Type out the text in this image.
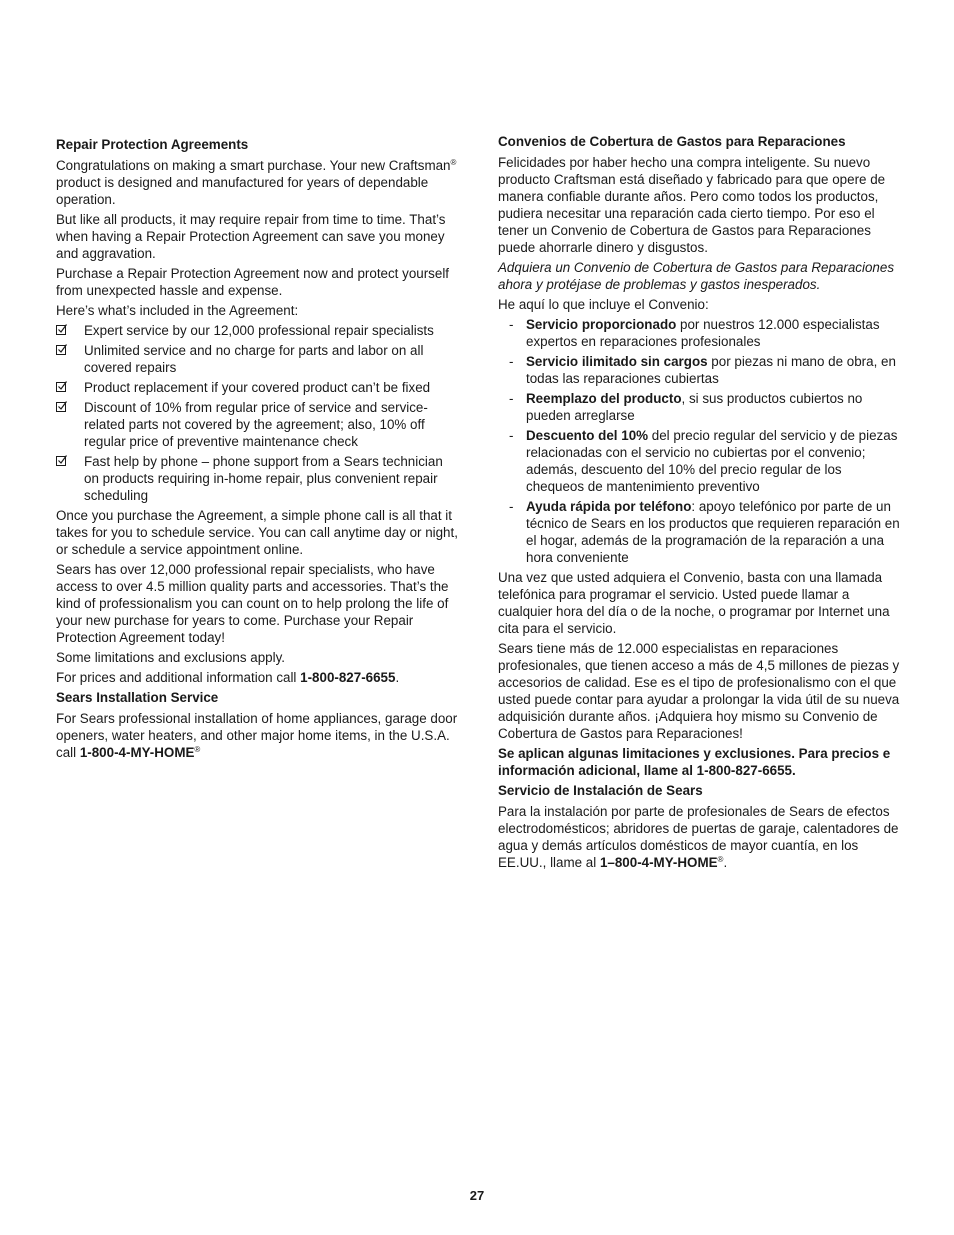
Repair Protection Agreements

Congratulations on making a smart purchase. Your new Craftsman® product is designed and manufactured for years of dependable operation.

But like all products, it may require repair from time to time. That’s when having a Repair Protection Agreement can save you money and aggravation.

Purchase a Repair Protection Agreement now and protect yourself from unexpected hassle and expense.

Here’s what’s included in the Agreement:

Expert service by our 12,000 professional repair specialists
Unlimited service and no charge for parts and labor on all covered repairs
Product replacement if your covered product can’t be fixed
Discount of 10% from regular price of service and service-related parts not covered by the agreement; also, 10% off regular price of preventive maintenance check
Fast help by phone – phone support from a Sears technician on products requiring in-home repair, plus convenient repair scheduling

Once you purchase the Agreement, a simple phone call is all that it takes for you to schedule service. You can call anytime day or night, or schedule a service appointment online.

Sears has over 12,000 professional repair specialists, who have access to over 4.5 million quality parts and accessories. That’s the kind of professionalism you can count on to help prolong the life of your new purchase for years to come. Purchase your Repair Protection Agreement today!

Some limitations and exclusions apply.

For prices and additional information call 1-800-827-6655.

Sears Installation Service

For Sears professional installation of home appliances, garage door openers, water heaters, and other major home items, in the U.S.A. call 1-800-4-MY-HOME®

Convenios de Cobertura de Gastos para Reparaciones

Felicidades por haber hecho una compra inteligente. Su nuevo producto Craftsman está diseñado y fabricado para que opere de manera confiable durante años. Pero como todos los productos, pudiera necesitar una reparación cada cierto tiempo. Por eso el tener un Convenio de Cobertura de Gastos para Reparaciones puede ahorrarle dinero y disgustos.

Adquiera un Convenio de Cobertura de Gastos para Reparaciones ahora y protéjase de problemas y gastos inesperados.

He aquí lo que incluye el Convenio:

- Servicio proporcionado por nuestros 12.000 especialistas expertos en reparaciones profesionales
- Servicio ilimitado sin cargos por piezas ni mano de obra, en todas las reparaciones cubiertas
- Reemplazo del producto, si sus productos cubiertos no pueden arreglarse
- Descuento del 10% del precio regular del servicio y de piezas relacionadas con el servicio no cubiertas por el convenio; además, descuento del 10% del precio regular de los chequeos de mantenimiento preventivo
- Ayuda rápida por teléfono: apoyo telefónico por parte de un técnico de Sears en los productos que requieren reparación en el hogar, además de la programación de la reparación a una hora conveniente

Una vez que usted adquiera el Convenio, basta con una llamada telefónica para programar el servicio. Usted puede llamar a cualquier hora del día o de la noche, o programar por Internet una cita para el servicio.

Sears tiene más de 12.000 especialistas en reparaciones profesionales, que tienen acceso a más de 4,5 millones de piezas y accesorios de calidad. Ese es el tipo de profesionalismo con el que usted puede contar para ayudar a prolongar la vida útil de su nueva adquisición durante años. ¡Adquiera hoy mismo su Convenio de Cobertura de Gastos para Reparaciones!

Se aplican algunas limitaciones y exclusiones. Para precios e información adicional, llame al 1-800-827-6655.

Servicio de Instalación de Sears

Para la instalación por parte de profesionales de Sears de efectos electrodomésticos; abridores de puertas de garaje, calentadores de agua y demás artículos domésticos de mayor cuantía, en los EE.UU., llame al 1–800-4-MY-HOME®.

27
